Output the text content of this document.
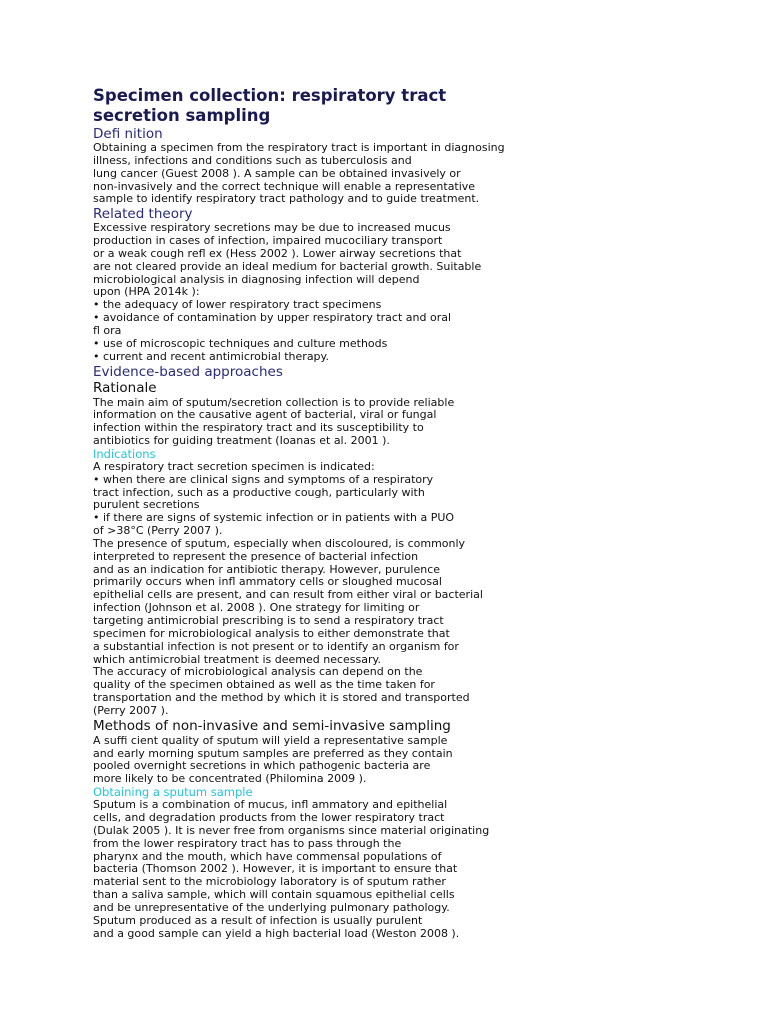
Specimen collection: respiratory tract
secretion sampling
Defi nition
Obtaining a specimen from the respiratory tract is important in diagnosing
illness, infections and conditions such as tuberculosis and
lung cancer (Guest 2008 ). A sample can be obtained invasively or
non-invasively and the correct technique will enable a representative
sample to identify respiratory tract pathology and to guide treatment.
Related theory
Excessive respiratory secretions may be due to increased mucus
production in cases of infection, impaired mucociliary transport
or a weak cough refl ex (Hess 2002 ). Lower airway secretions that
are not cleared provide an ideal medium for bacterial growth. Suitable
microbiological analysis in diagnosing infection will depend
upon (HPA 2014k ):
• the adequacy of lower respiratory tract specimens
• avoidance of contamination by upper respiratory tract and oral
fl ora
• use of microscopic techniques and culture methods
• current and recent antimicrobial therapy.
Evidence-based approaches
Rationale
The main aim of sputum/secretion collection is to provide reliable
information on the causative agent of bacterial, viral or fungal
infection within the respiratory tract and its susceptibility to
antibiotics for guiding treatment (Ioanas et al. 2001 ).
Indications
A respiratory tract secretion specimen is indicated:
• when there are clinical signs and symptoms of a respiratory
tract infection, such as a productive cough, particularly with
purulent secretions
• if there are signs of systemic infection or in patients with a PUO
of >38°C (Perry 2007 ).
The presence of sputum, especially when discoloured, is commonly
interpreted to represent the presence of bacterial infection
and as an indication for antibiotic therapy. However, purulence
primarily occurs when infl ammatory cells or sloughed mucosal
epithelial cells are present, and can result from either viral or bacterial
infection (Johnson et al. 2008 ). One strategy for limiting or
targeting antimicrobial prescribing is to send a respiratory tract
specimen for microbiological analysis to either demonstrate that
a substantial infection is not present or to identify an organism for
which antimicrobial treatment is deemed necessary.
The accuracy of microbiological analysis can depend on the
quality of the specimen obtained as well as the time taken for
transportation and the method by which it is stored and transported
(Perry 2007 ).
Methods of non-invasive and semi-invasive sampling
A suffi cient quality of sputum will yield a representative sample
and early morning sputum samples are preferred as they contain
pooled overnight secretions in which pathogenic bacteria are
more likely to be concentrated (Philomina 2009 ).
Obtaining a sputum sample
Sputum is a combination of mucus, infl ammatory and epithelial
cells, and degradation products from the lower respiratory tract
(Dulak 2005 ). It is never free from organisms since material originating
from the lower respiratory tract has to pass through the
pharynx and the mouth, which have commensal populations of
bacteria (Thomson 2002 ). However, it is important to ensure that
material sent to the microbiology laboratory is of sputum rather
than a saliva sample, which will contain squamous epithelial cells
and be unrepresentative of the underlying pulmonary pathology.
Sputum produced as a result of infection is usually purulent
and a good sample can yield a high bacterial load (Weston 2008 ).
